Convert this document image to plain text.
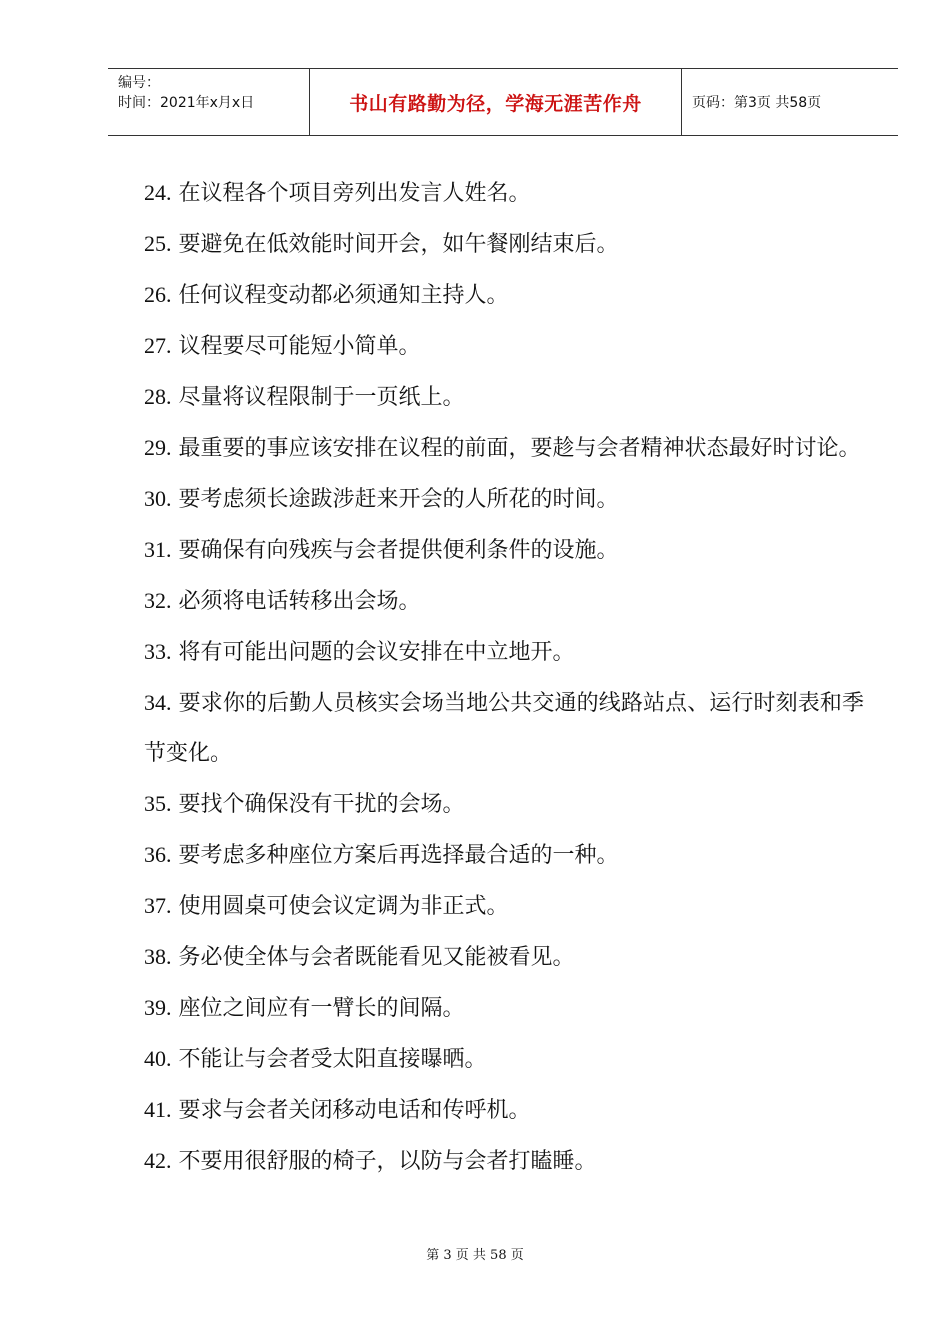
编号：
时间：2021年x月x日	书山有路勤为径，学海无涯苦作舟	页码：第3页 共58页

24. 在议程各个项目旁列出发言人姓名。

25. 要避免在低效能时间开会，如午餐刚结束后。

26. 任何议程变动都必须通知主持人。

27. 议程要尽可能短小简单。

28. 尽量将议程限制于一页纸上。

29. 最重要的事应该安排在议程的前面，要趁与会者精神状态最好时讨论。

30. 要考虑须长途跋涉赶来开会的人所花的时间。

31. 要确保有向残疾与会者提供便利条件的设施。

32. 必须将电话转移出会场。

33. 将有可能出问题的会议安排在中立地开。

34. 要求你的后勤人员核实会场当地公共交通的线路站点、运行时刻表和季节变化。

35. 要找个确保没有干扰的会场。

36. 要考虑多种座位方案后再选择最合适的一种。

37. 使用圆桌可使会议定调为非正式。

38. 务必使全体与会者既能看见又能被看见。

39. 座位之间应有一臂长的间隔。

40. 不能让与会者受太阳直接曝晒。

41. 要求与会者关闭移动电话和传呼机。

42. 不要用很舒服的椅子，以防与会者打瞌睡。

第 3 页 共 58 页
